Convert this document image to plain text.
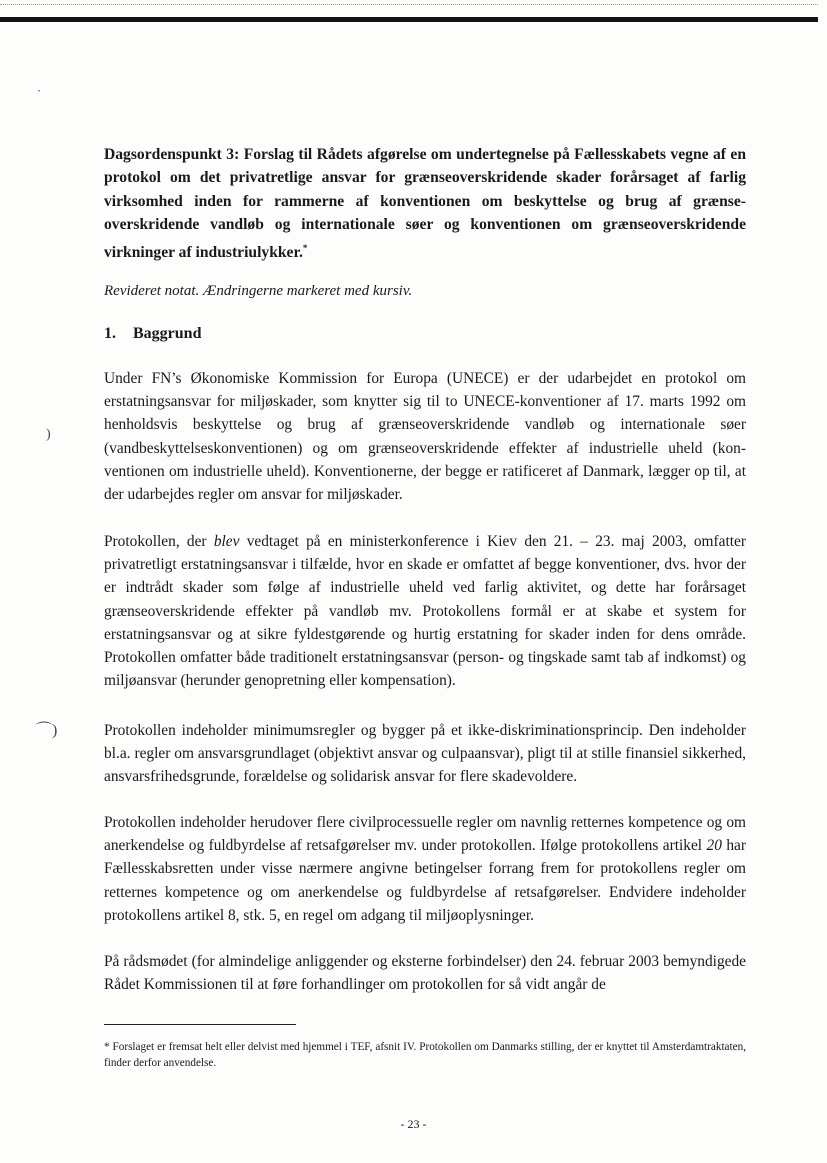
•
)
⌒)
Dagsordenspunkt 3: Forslag til Rådets afgørelse om undertegnelse på Fællesskabets vegne af en protokol om det privatretlige ansvar for grænseoverskridende skader forårsaget af farlig virksomhed inden for rammerne af konventionen om beskyttelse og brug af grænseoverskridende vandløb og internationale søer og konventionen om grænseoverskridende virkninger af industriulykker.*
Revideret notat. Ændringerne markeret med kursiv.
1. Baggrund
Under FN’s Økonomiske Kommission for Europa (UNECE) er der udarbejdet en protokol om erstatningsansvar for miljøskader, som knytter sig til to UNECE-konventioner af 17. marts 1992 om henholdsvis beskyttelse og brug af grænseoverskridende vandløb og internationale søer (vandbeskyttelseskonventionen) og om grænseoverskridende effekter af industrielle uheld (konventionen om industrielle uheld). Konventionerne, der begge er ratificeret af Danmark, lægger op til, at der udarbejdes regler om ansvar for miljøskader.
Protokollen, der blev vedtaget på en ministerkonference i Kiev den 21. – 23. maj 2003, omfatter privatretligt erstatningsansvar i tilfælde, hvor en skade er omfattet af begge konventioner, dvs. hvor der er indtrådt skader som følge af industrielle uheld ved farlig aktivitet, og dette har forårsaget grænseoverskridende effekter på vandløb mv. Protokollens formål er at skabe et system for erstatningsansvar og at sikre fyldestgørende og hurtig erstatning for skader inden for dens område. Protokollen omfatter både traditionelt erstatningsansvar (person- og tingskade samt tab af indkomst) og miljøansvar (herunder genopretning eller kompensation).
Protokollen indeholder minimumsregler og bygger på et ikke-diskriminationsprincip. Den indeholder bl.a. regler om ansvarsgrundlaget (objektivt ansvar og culpaansvar), pligt til at stille finansiel sikkerhed, ansvarsfrihedsgrunde, forældelse og solidarisk ansvar for flere skadevoldere.
Protokollen indeholder herudover flere civilprocessuelle regler om navnlig retternes kompetence og om anerkendelse og fuldbyrdelse af retsafgørelser mv. under protokollen. Ifølge protokollens artikel 20 har Fællesskabsretten under visse nærmere angivne betingelser forrang frem for protokollens regler om retternes kompetence og om anerkendelse og fuldbyrdelse af retsafgørelser. Endvidere indeholder protokollens artikel 8, stk. 5, en regel om adgang til miljøoplysninger.
På rådsmødet (for almindelige anliggender og eksterne forbindelser) den 24. februar 2003 bemyndigede Rådet Kommissionen til at føre forhandlinger om protokollen for så vidt angår de
* Forslaget er fremsat helt eller delvist med hjemmel i TEF, afsnit IV. Protokollen om Danmarks stilling, der er knyttet til Amsterdamtraktaten, finder derfor anvendelse.
- 23 -
